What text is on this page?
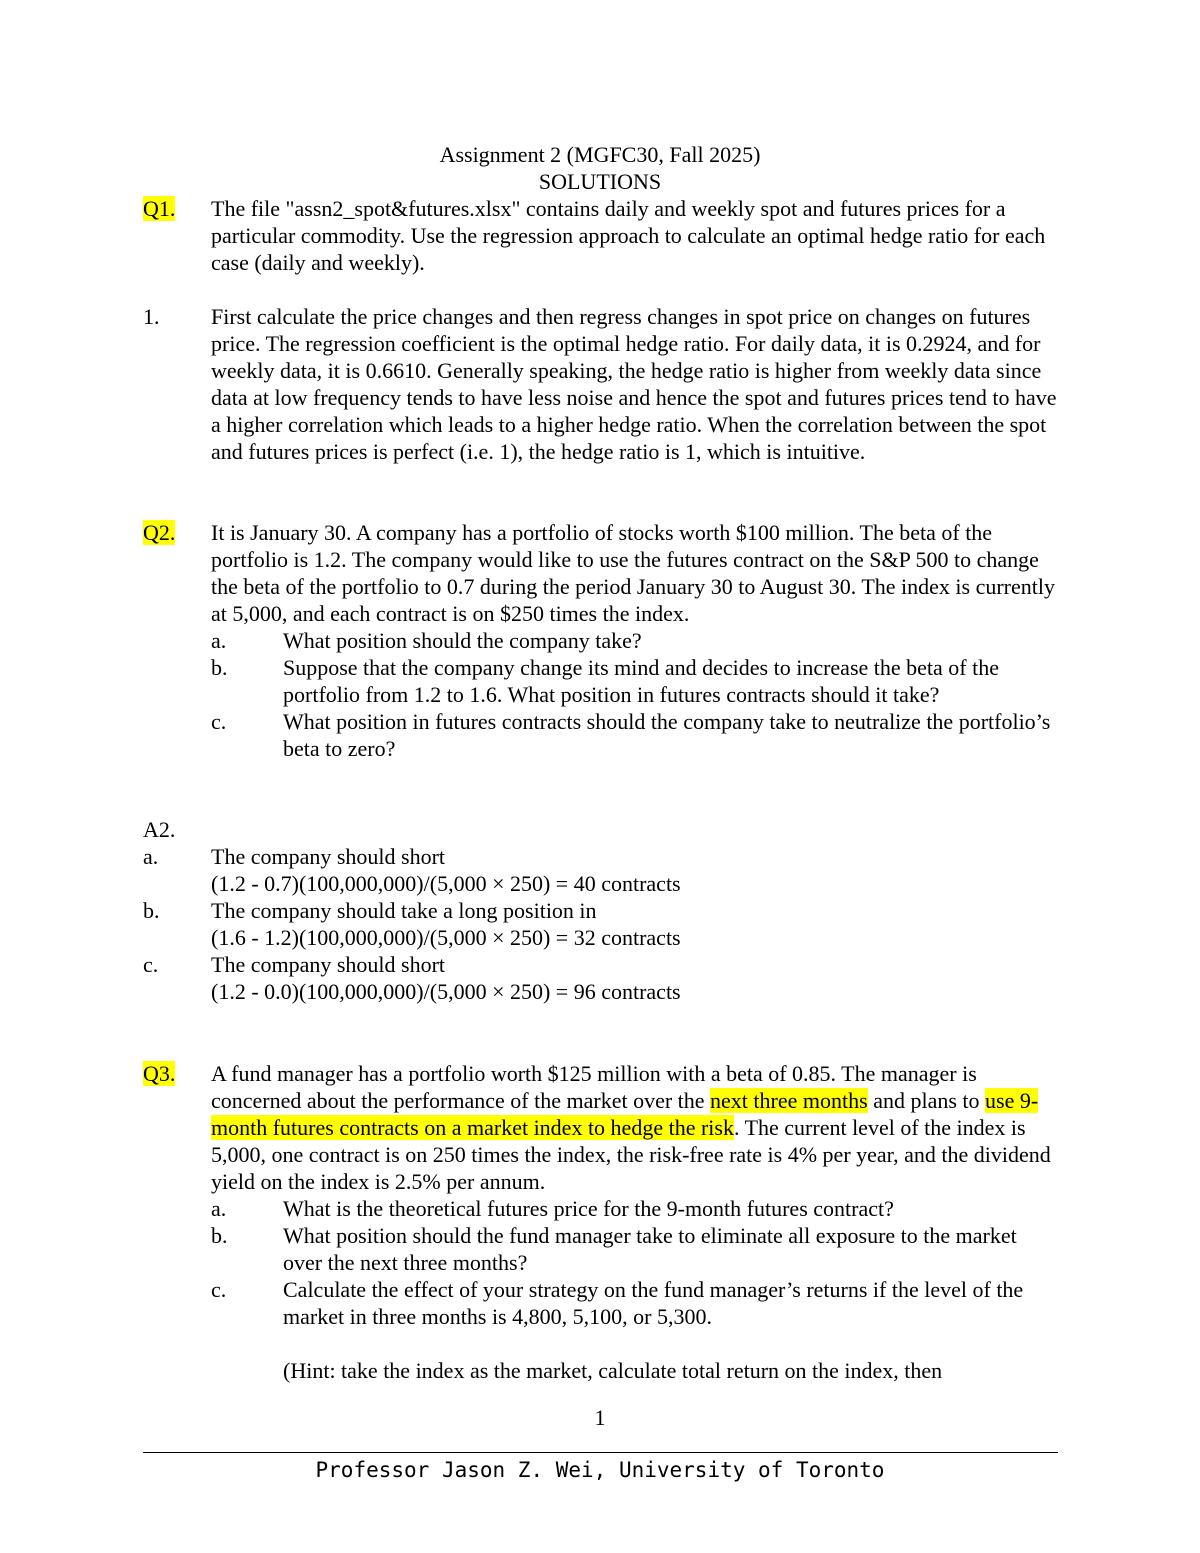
Assignment 2 (MGFC30, Fall 2025)
SOLUTIONS
Q1.	The file "assn2_spot&futures.xlsx" contains daily and weekly spot and futures prices for a particular commodity. Use the regression approach to calculate an optimal hedge ratio for each case (daily and weekly).

1.	First calculate the price changes and then regress changes in spot price on changes on futures price. The regression coefficient is the optimal hedge ratio. For daily data, it is 0.2924, and for weekly data, it is 0.6610. Generally speaking, the hedge ratio is higher from weekly data since data at low frequency tends to have less noise and hence the spot and futures prices tend to have a higher correlation which leads to a higher hedge ratio. When the correlation between the spot and futures prices is perfect (i.e. 1), the hedge ratio is 1, which is intuitive.

Q2.	It is January 30. A company has a portfolio of stocks worth $100 million. The beta of the portfolio is 1.2. The company would like to use the futures contract on the S&P 500 to change the beta of the portfolio to 0.7 during the period January 30 to August 30. The index is currently at 5,000, and each contract is on $250 times the index.

a.	What position should the company take?
b.	Suppose that the company change its mind and decides to increase the beta of the portfolio from 1.2 to 1.6. What position in futures contracts should it take?
c.	What position in futures contracts should the company take to neutralize the portfolio’s beta to zero?
A2.
a.	The company should short
(1.2 - 0.7)(100,000,000)/(5,000 × 250) = 40 contracts
b.	The company should take a long position in
(1.6 - 1.2)(100,000,000)/(5,000 × 250) = 32 contracts
c.	The company should short
(1.2 - 0.0)(100,000,000)/(5,000 × 250) = 96 contracts
Q3.	A fund manager has a portfolio worth $125 million with a beta of 0.85. The manager is concerned about the performance of the market over the next three months and plans to use 9-month futures contracts on a market index to hedge the risk. The current level of the index is 5,000, one contract is on 250 times the index, the risk-free rate is 4% per year, and the dividend yield on the index is 2.5% per annum.

a.	What is the theoretical futures price for the 9-month futures contract?
b.	What position should the fund manager take to eliminate all exposure to the market over the next three months?
c.	Calculate the effect of your strategy on the fund manager’s returns if the level of the market in three months is 4,800, 5,100, or 5,300.
(Hint: take the index as the market, calculate total return on the index, then
1
Professor Jason Z. Wei, University of Toronto
